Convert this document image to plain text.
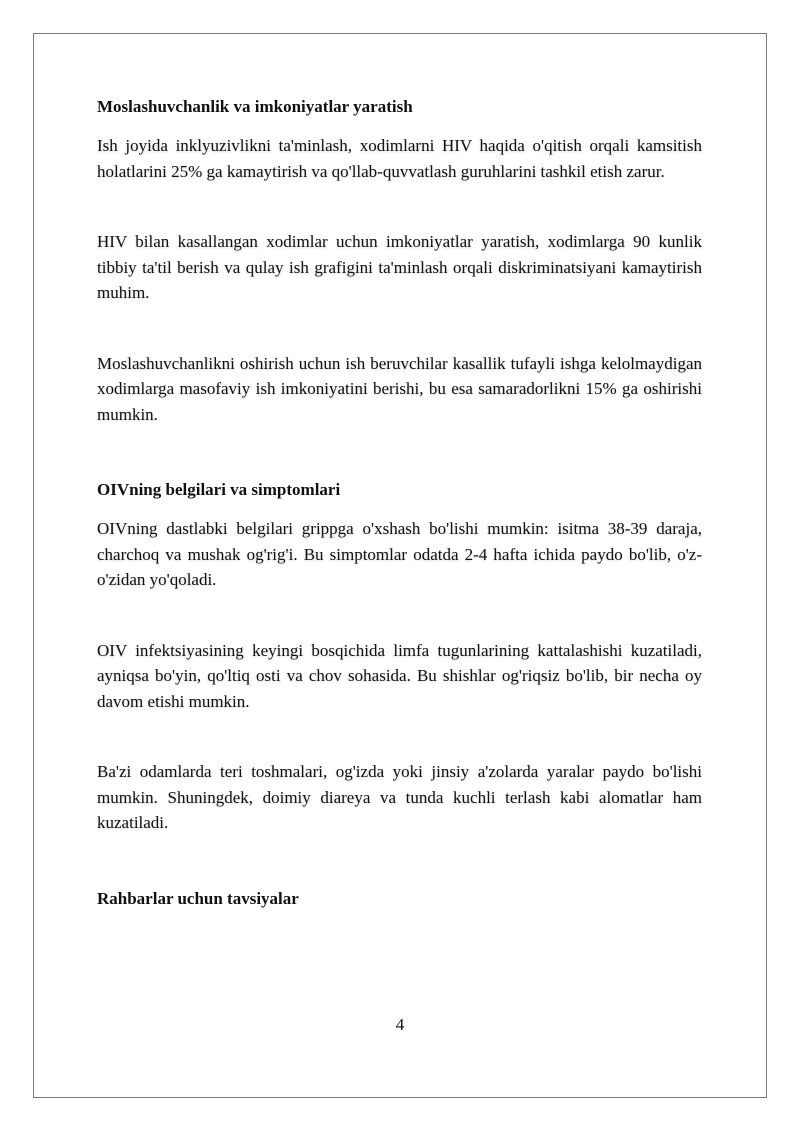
Moslashuvchanlik va imkoniyatlar yaratish

Ish joyida inklyuzivlikni ta'minlash, xodimlarni HIV haqida o'qitish orqali kamsitish holatlarini 25% ga kamaytirish va qo'llab-quvvatlash guruhlarini tashkil etish zarur.

HIV bilan kasallangan xodimlar uchun imkoniyatlar yaratish, xodimlarga 90 kunlik tibbiy ta'til berish va qulay ish grafigini ta'minlash orqali diskriminatsiyani kamaytirish muhim.

Moslashuvchanlikni oshirish uchun ish beruvchilar kasallik tufayli ishga kelolmaydigan xodimlarga masofaviy ish imkoniyatini berishi, bu esa samaradorlikni 15% ga oshirishi mumkin.

OIVning belgilari va simptomlari

OIVning dastlabki belgilari grippga o'xshash bo'lishi mumkin: isitma 38-39 daraja, charchoq va mushak og'rig'i. Bu simptomlar odatda 2-4 hafta ichida paydo bo'lib, o'z-o'zidan yo'qoladi.

OIV infektsiyasining keyingi bosqichida limfa tugunlarining kattalashishi kuzatiladi, ayniqsa bo'yin, qo'ltiq osti va chov sohasida. Bu shishlar og'riqsiz bo'lib, bir necha oy davom etishi mumkin.

Ba'zi odamlarda teri toshmalari, og'izda yoki jinsiy a'zolarda yaralar paydo bo'lishi mumkin. Shuningdek, doimiy diareya va tunda kuchli terlash kabi alomatlar ham kuzatiladi.

Rahbarlar uchun tavsiyalar
4
